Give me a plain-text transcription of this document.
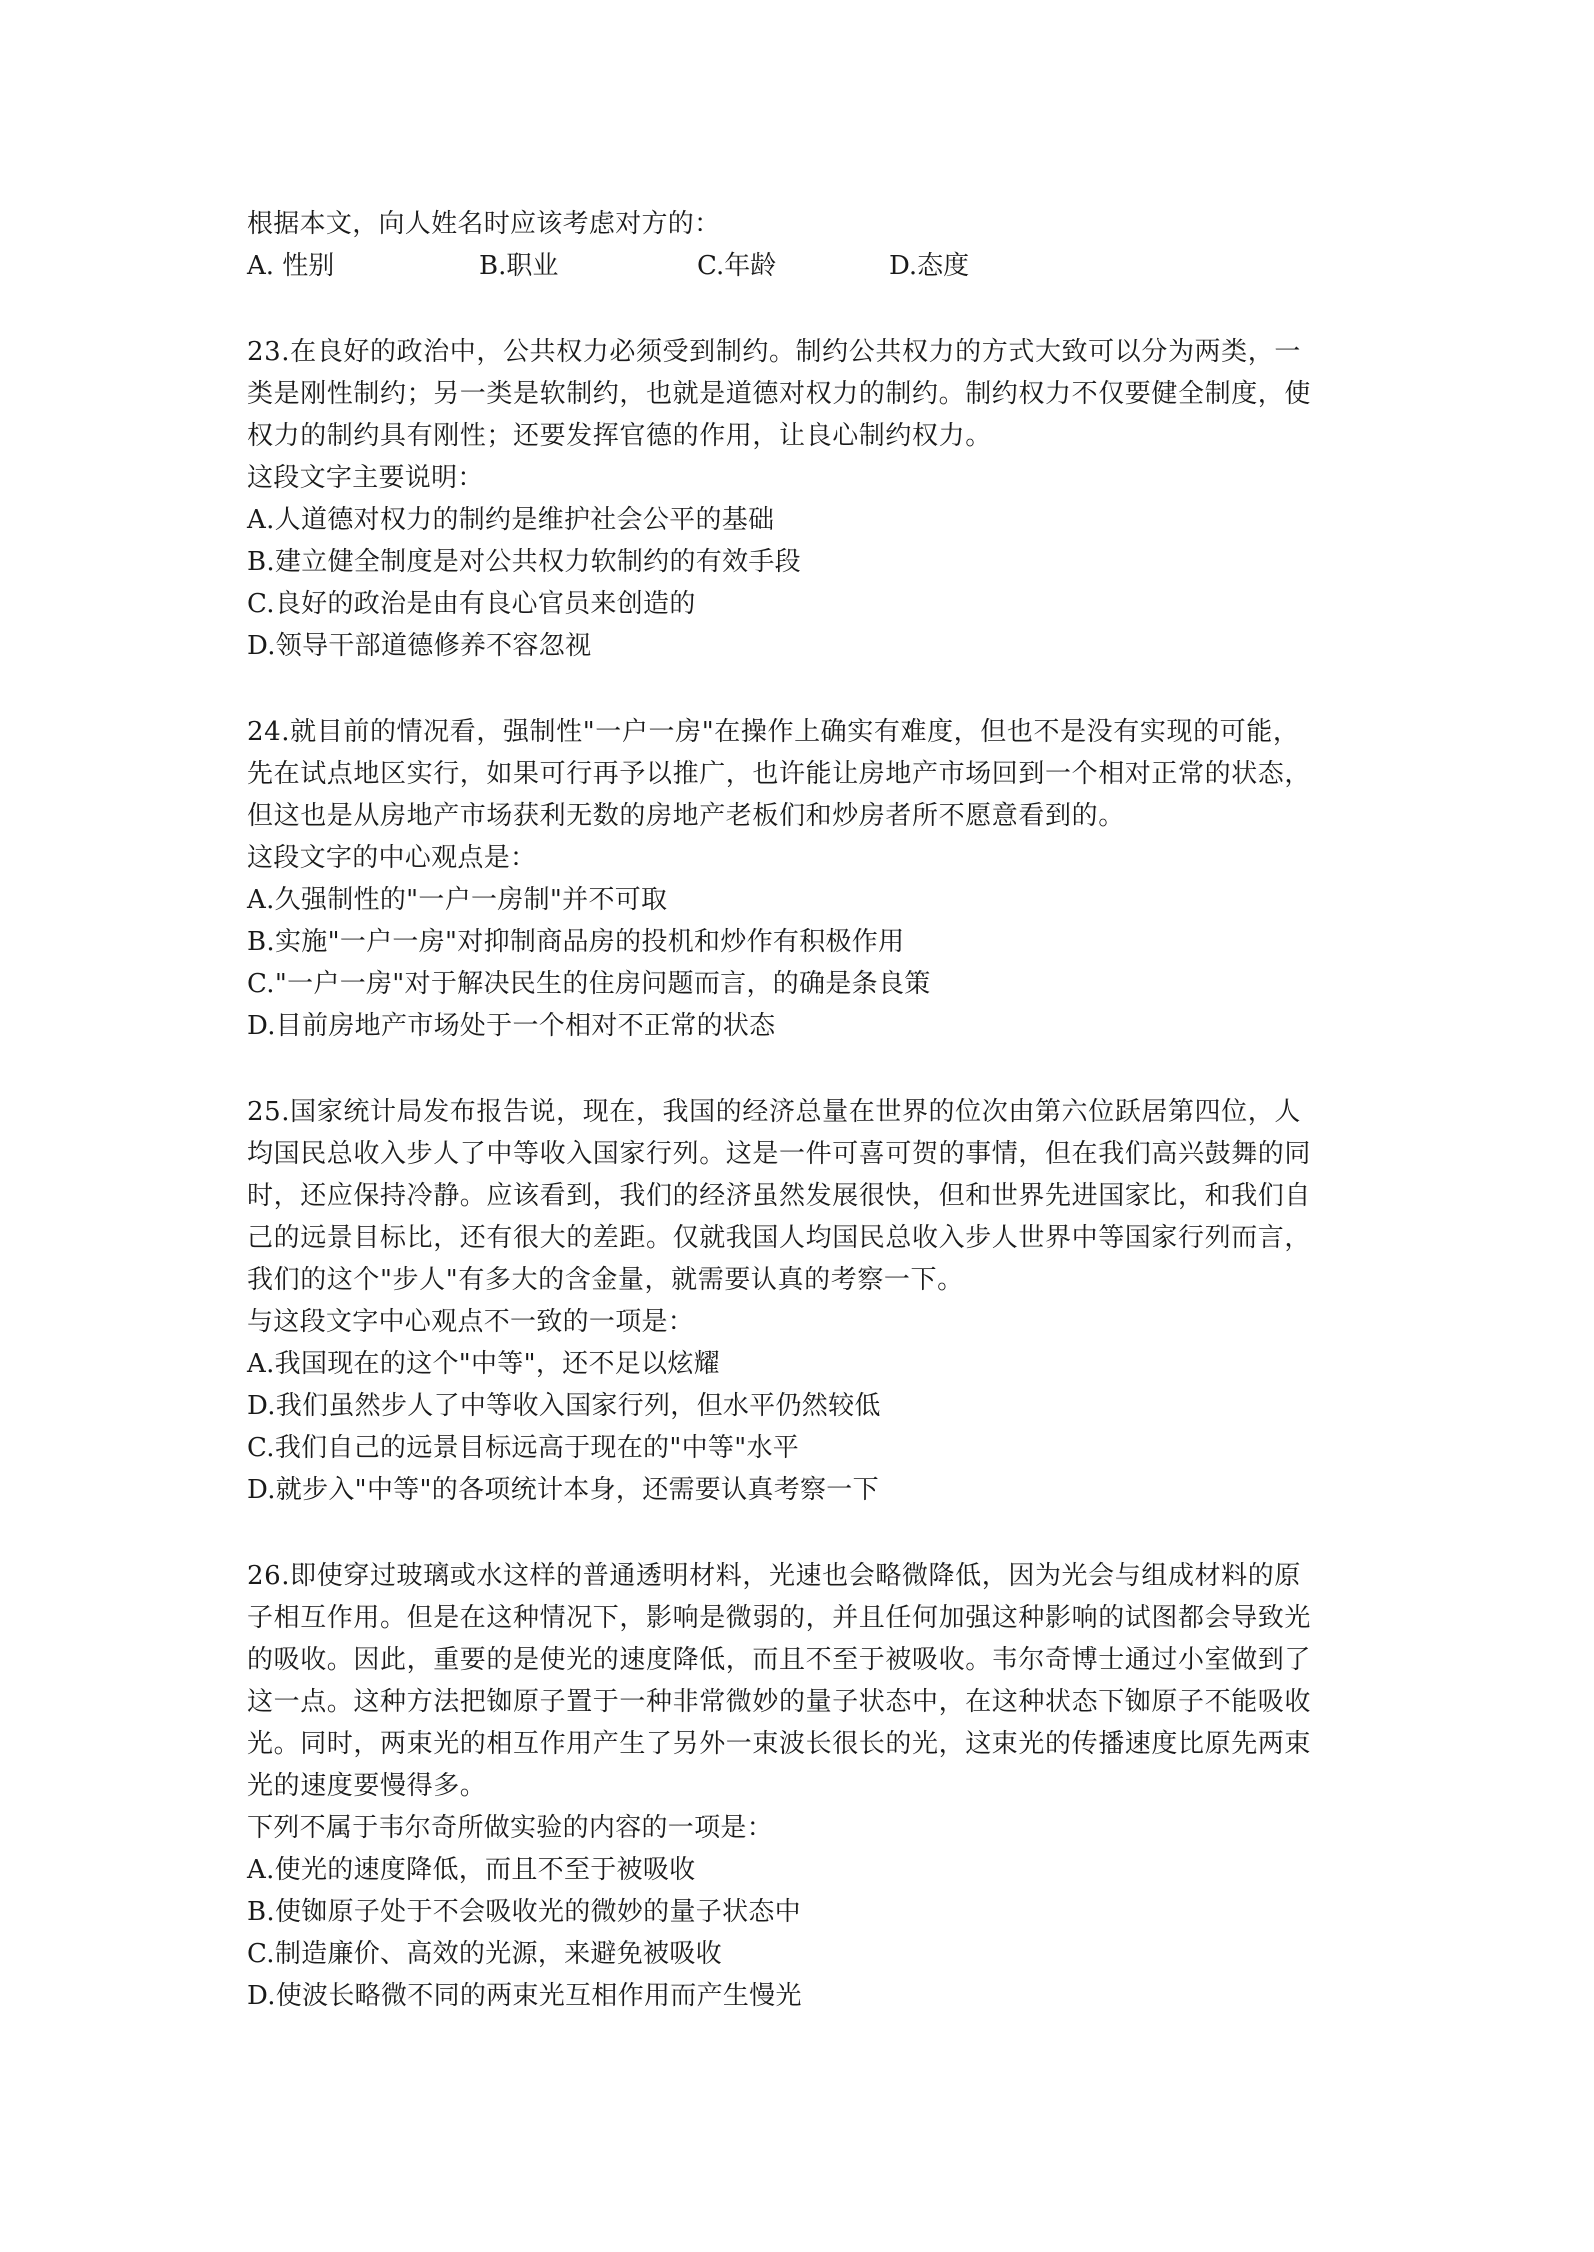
根据本文，向人姓名时应该考虑对方的：
A. 性别	B.职业	C.年龄	D.态度
23.在良好的政治中，公共权力必须受到制约。制约公共权力的方式大致可以分为两类，一
类是刚性制约；另一类是软制约，也就是道德对权力的制约。制约权力不仅要健全制度，使
权力的制约具有刚性；还要发挥官德的作用，让良心制约权力。
这段文字主要说明：
A.人道德对权力的制约是维护社会公平的基础
B.建立健全制度是对公共权力软制约的有效手段
C.良好的政治是由有良心官员来创造的
D.领导干部道德修养不容忽视
24.就目前的情况看，强制性"一户一房"在操作上确实有难度，但也不是没有实现的可能，
先在试点地区实行，如果可行再予以推广，也许能让房地产市场回到一个相对正常的状态，
但这也是从房地产市场获利无数的房地产老板们和炒房者所不愿意看到的。
这段文字的中心观点是：
A.久强制性的"一户一房制"并不可取
B.实施"一户一房"对抑制商品房的投机和炒作有积极作用
C."一户一房"对于解决民生的住房问题而言，的确是条良策
D.目前房地产市场处于一个相对不正常的状态
25.国家统计局发布报告说，现在，我国的经济总量在世界的位次由第六位跃居第四位，人
均国民总收入步人了中等收入国家行列。这是一件可喜可贺的事情，但在我们高兴鼓舞的同
时，还应保持冷静。应该看到，我们的经济虽然发展很快，但和世界先进国家比，和我们自
己的远景目标比，还有很大的差距。仅就我国人均国民总收入步人世界中等国家行列而言，
我们的这个"步人"有多大的含金量，就需要认真的考察一下。
与这段文字中心观点不一致的一项是：
A.我国现在的这个"中等"，还不足以炫耀
D.我们虽然步人了中等收入国家行列，但水平仍然较低
C.我们自己的远景目标远高于现在的"中等"水平
D.就步入"中等"的各项统计本身，还需要认真考察一下
26.即使穿过玻璃或水这样的普通透明材料，光速也会略微降低，因为光会与组成材料的原
子相互作用。但是在这种情况下，影响是微弱的，并且任何加强这种影响的试图都会导致光
的吸收。因此，重要的是使光的速度降低，而且不至于被吸收。韦尔奇博士通过小室做到了
这一点。这种方法把铷原子置于一种非常微妙的量子状态中，在这种状态下铷原子不能吸收
光。同时，两束光的相互作用产生了另外一束波长很长的光，这束光的传播速度比原先两束
光的速度要慢得多。
下列不属于韦尔奇所做实验的内容的一项是：
A.使光的速度降低，而且不至于被吸收
B.使铷原子处于不会吸收光的微妙的量子状态中
C.制造廉价、高效的光源，来避免被吸收
D.使波长略微不同的两束光互相作用而产生慢光
